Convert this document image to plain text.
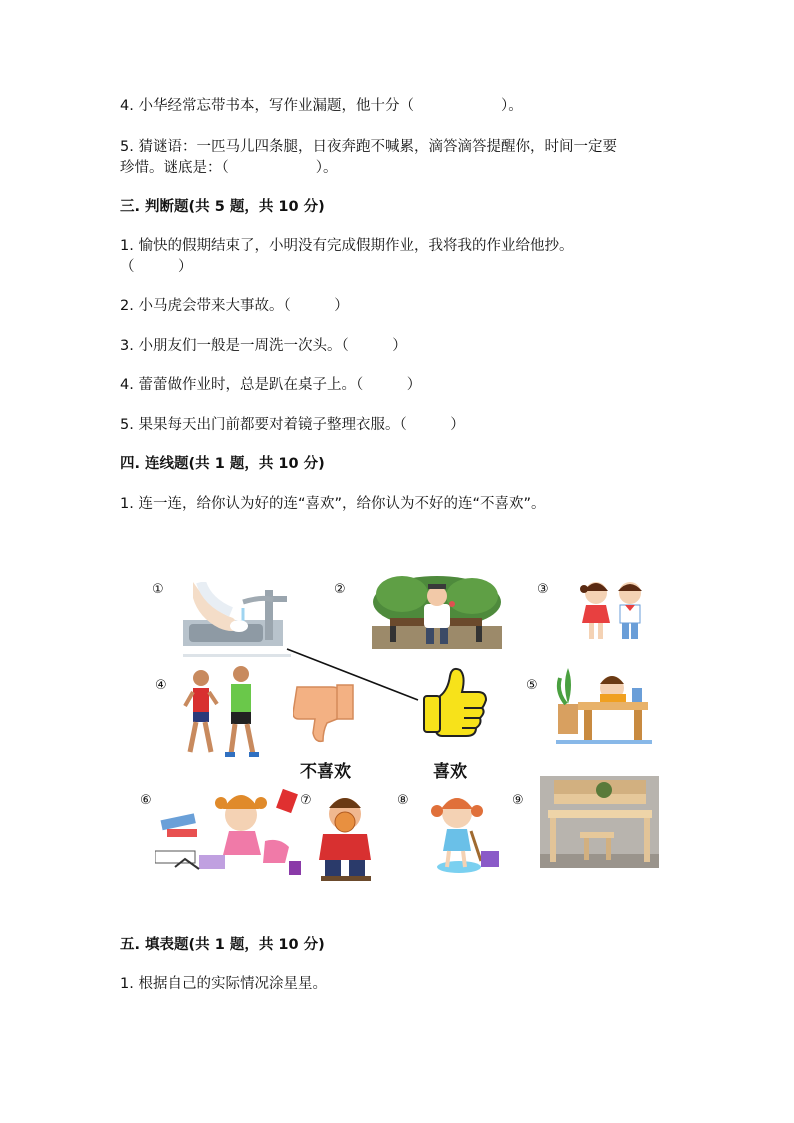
4. 小华经常忘带书本，写作业漏题，他十分（　　　　　　）。
5. 猜谜语：一匹马儿四条腿，日夜奔跑不喊累，滴答滴答提醒你，时间一定要
珍惜。谜底是：（　　　　　　）。
三. 判断题(共 5 题，共 10 分)
1. 愉快的假期结束了，小明没有完成假期作业，我将我的作业给他抄。
（　　　）
2. 小马虎会带来大事故。（　　　）
3. 小朋友们一般是一周洗一次头。（　　　）
4. 蕾蕾做作业时，总是趴在桌子上。（　　　）
5. 果果每天出门前都要对着镜子整理衣服。（　　　）
四. 连线题(共 1 题，共 10 分)
1. 连一连，给你认为好的连“喜欢”，给你认为不好的连“不喜欢”。
①	②	③
④	⑤
⑥	⑦	⑧	⑨
不喜欢	喜欢
五. 填表题(共 1 题，共 10 分)
1. 根据自己的实际情况涂星星。
